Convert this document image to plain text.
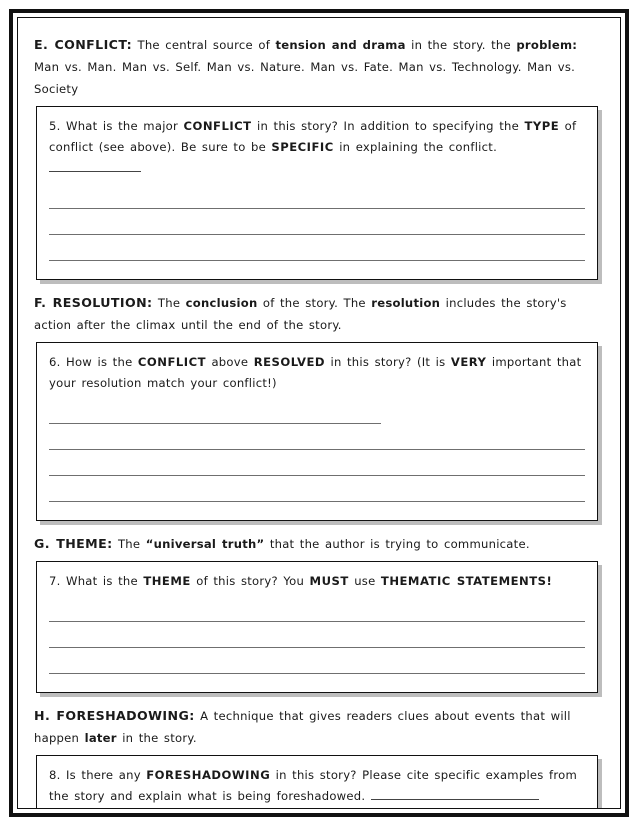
E. CONFLICT: The central source of tension and drama in the story. the problem: Man vs. Man. Man vs. Self. Man vs. Nature. Man vs. Fate. Man vs. Technology. Man vs. Society

5. What is the major CONFLICT in this story? In addition to specifying the TYPE of conflict (see above). Be sure to be SPECIFIC in explaining the conflict.

F. RESOLUTION: The conclusion of the story. The resolution includes the story's action after the climax until the end of the story.

6. How is the CONFLICT above RESOLVED in this story? (It is VERY important that your resolution match your conflict!)

G. THEME: The “universal truth” that the author is trying to communicate.

7. What is the THEME of this story? You MUST use THEMATIC STATEMENTS!

H. FORESHADOWING: A technique that gives readers clues about events that will happen later in the story.

8. Is there any FORESHADOWING in this story? Please cite specific examples from the story and explain what is being foreshadowed.
